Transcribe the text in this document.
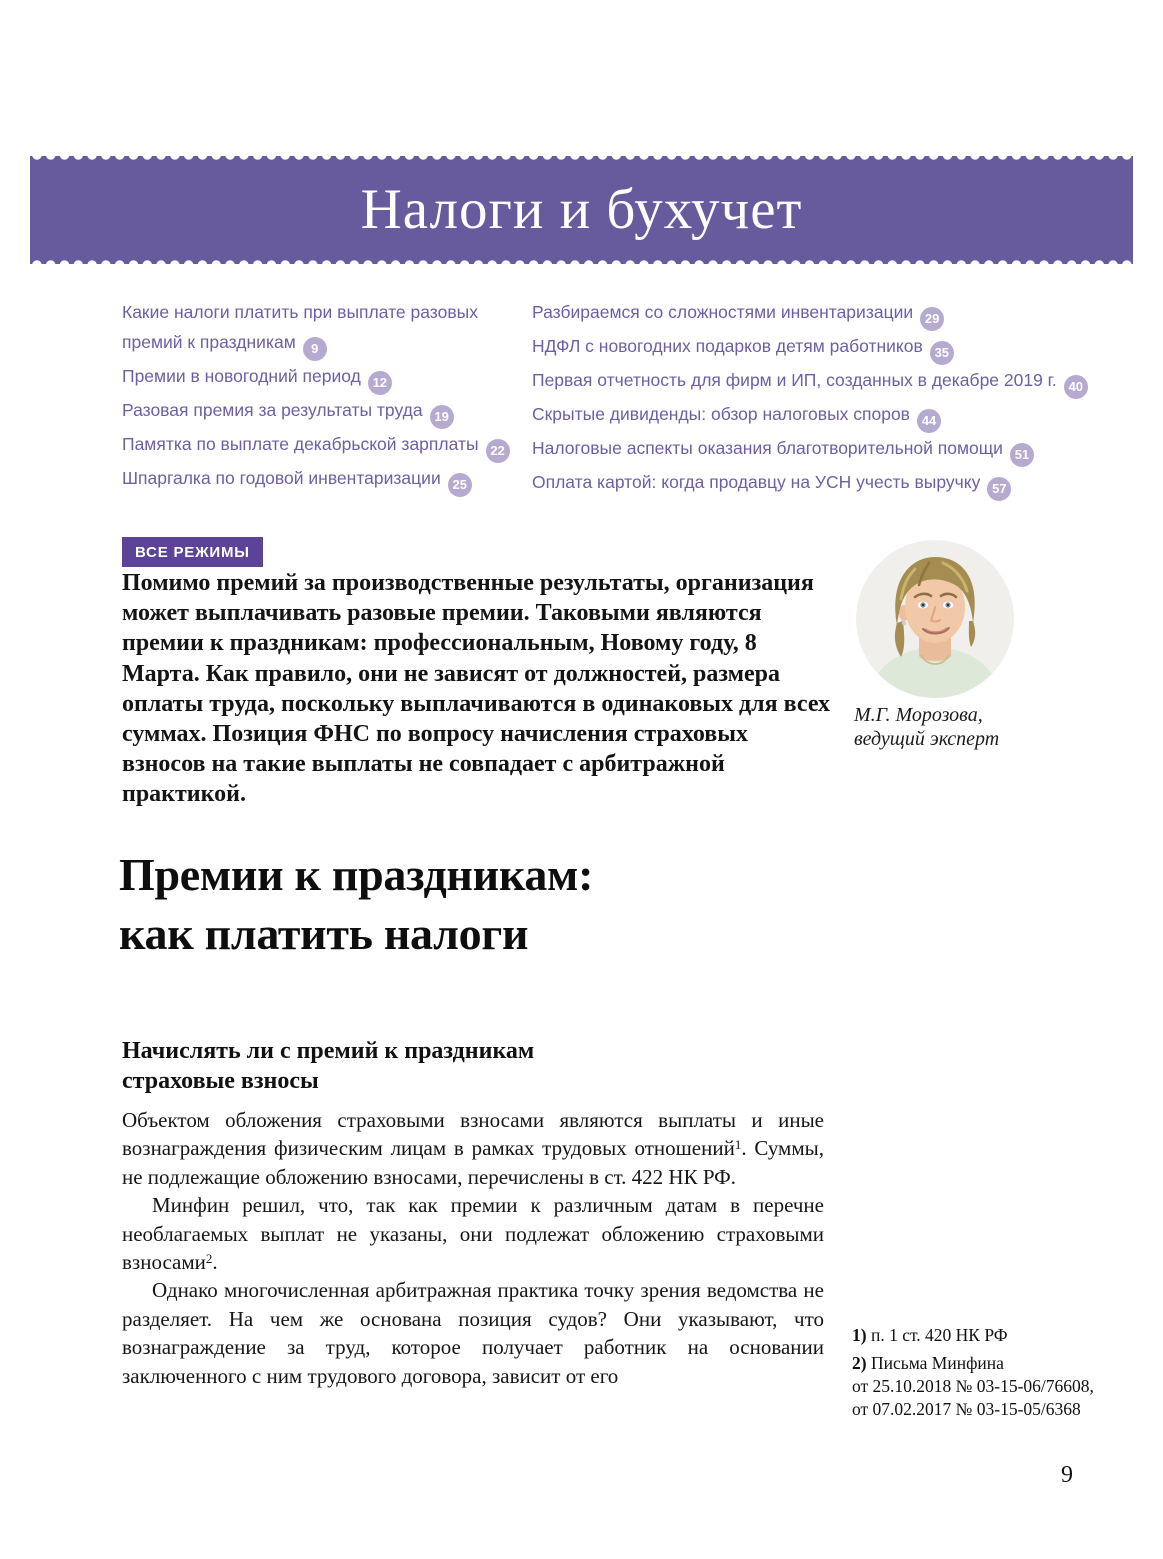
Налоги и бухучет
Какие налоги платить при выплате разовых премий к праздникам 9
Премии в новогодний период 12
Разовая премия за результаты труда 19
Памятка по выплате декабрьской зарплаты 22
Шпаргалка по годовой инвентаризации 25
Разбираемся со сложностями инвентаризации 29
НДФЛ с новогодних подарков детям работников 35
Первая отчетность для фирм и ИП, созданных в декабре 2019 г. 40
Скрытые дивиденды: обзор налоговых споров 44
Налоговые аспекты оказания благотворительной помощи 51
Оплата картой: когда продавцу на УСН учесть выручку 57
ВСЕ РЕЖИМЫ

Помимо премий за производственные результаты, организация может выплачивать разовые премии. Таковыми являются премии к праздникам: профессиональным, Новому году, 8 Марта. Как правило, они не зависят от должностей, размера оплаты труда, поскольку выплачиваются в одинаковых для всех суммах. Позиция ФНС по вопросу начисления страховых взносов на такие выплаты не совпадает с арбитражной практикой.

М.Г. Морозова,
ведущий эксперт
Премии к праздникам:
как платить налоги
Начислять ли с премий к праздникам
страховые взносы

Объектом обложения страховыми взносами являются выплаты и иные вознаграждения физическим лицам в рамках трудовых отношений$^1$. Суммы, не подлежащие обложению взносами, перечислены в ст. 422 НК РФ.

Минфин решил, что, так как премии к различным датам в перечне необлагаемых выплат не указаны, они подлежат обложению страховыми взносами$^2$.

Однако многочисленная арбитражная практика точку зрения ведомства не разделяет. На чем же основана позиция судов? Они указывают, что вознаграждение за труд, которое получает работник на основании заключенного с ним трудового договора, зависит от его

1) п. 1 ст. 420 НК РФ
2) Письма Минфина
от 25.10.2018 № 03-15-06/76608,
от 07.02.2017 № 03-15-05/6368
9
